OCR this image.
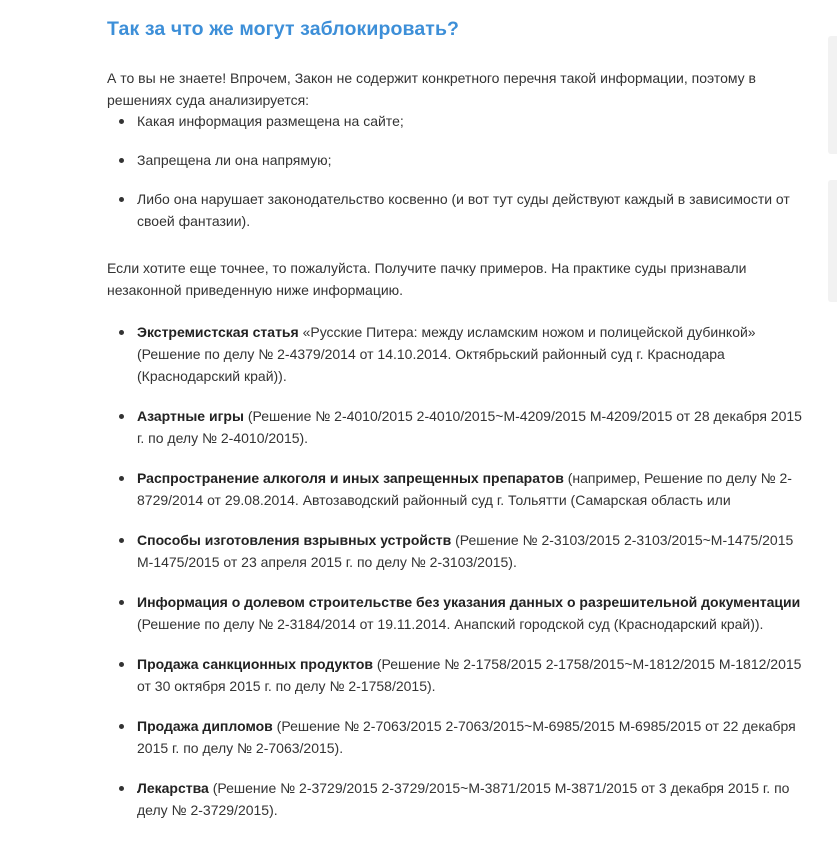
Так за что же могут заблокировать?

А то вы не знаете! Впрочем, Закон не содержит конкретного перечня такой информации, поэтому в решениях суда анализируется:

Какая информация размещена на сайте;
Запрещена ли она напрямую;
Либо она нарушает законодательство косвенно (и вот тут суды действуют каждый в зависимости от своей фантазии).

Если хотите еще точнее, то пожалуйста. Получите пачку примеров. На практике суды признавали незаконной приведенную ниже информацию.

Экстремистская статья «Русские Питера: между исламским ножом и полицейской дубинкой» (Решение по делу № 2-4379/2014 от 14.10.2014. Октябрьский районный суд г. Краснодара (Краснодарский край)).
Азартные игры (Решение № 2-4010/2015 2-4010/2015~М-4209/2015 М-4209/2015 от 28 декабря 2015 г. по делу № 2-4010/2015).
Распространение алкоголя и иных запрещенных препаратов (например, Решение по делу № 2-8729/2014 от 29.08.2014. Автозаводский районный суд г. Тольятти (Самарская область или
Способы изготовления взрывных устройств (Решение № 2-3103/2015 2-3103/2015~М-1475/2015 М-1475/2015 от 23 апреля 2015 г. по делу № 2-3103/2015).
Информация о долевом строительстве без указания данных о разрешительной документации (Решение по делу № 2-3184/2014 от 19.11.2014. Анапский городской суд (Краснодарский край)).
Продажа санкционных продуктов (Решение № 2-1758/2015 2-1758/2015~М-1812/2015 М-1812/2015 от 30 октября 2015 г. по делу № 2-1758/2015).
Продажа дипломов (Решение № 2-7063/2015 2-7063/2015~М-6985/2015 М-6985/2015 от 22 декабря 2015 г. по делу № 2-7063/2015).
Лекарства (Решение № 2-3729/2015 2-3729/2015~М-3871/2015 М-3871/2015 от 3 декабря 2015 г. по делу № 2-3729/2015).
